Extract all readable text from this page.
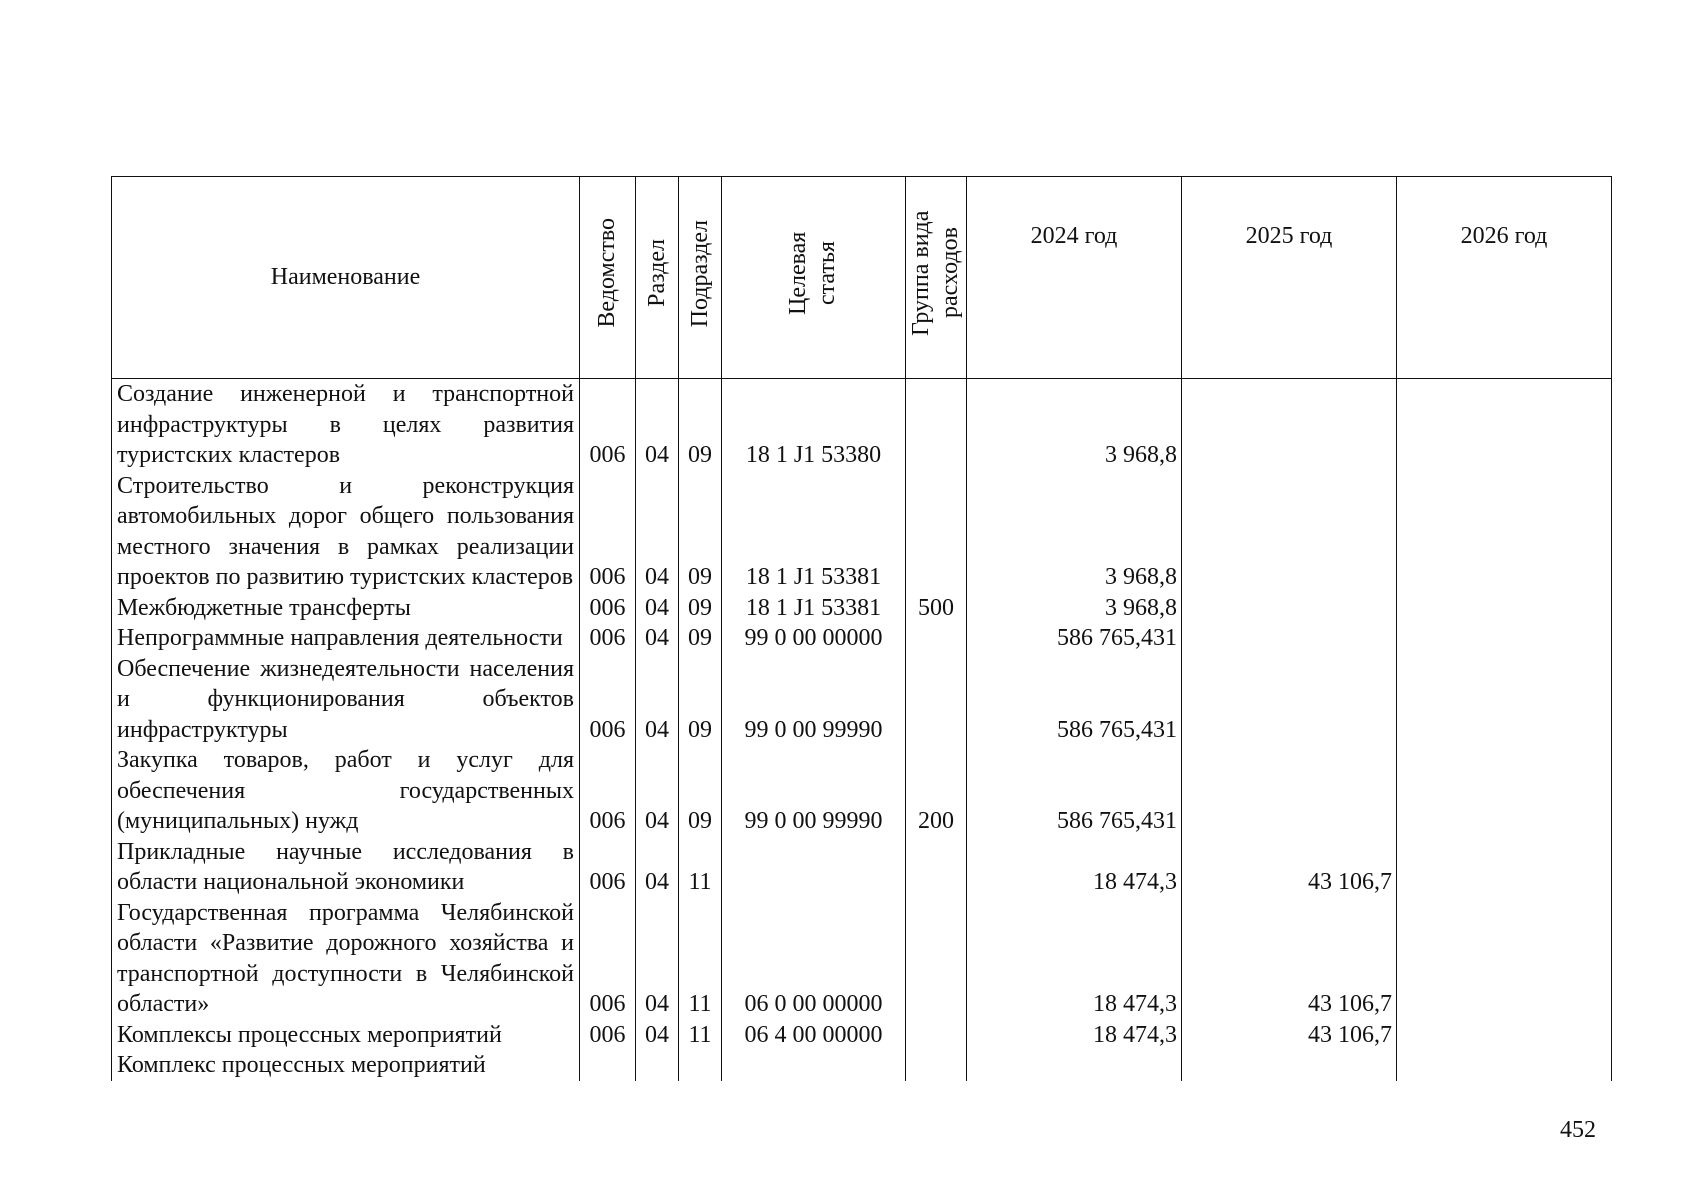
Наименование	Ведомство	Раздел	Подраздел	Целевая статья	Группа вида расходов	2024 год	2025 год	2026 год
Создание инженерной и транспортной инфраструктуры в целях развития туристских кластеров	006	04	09	18 1 J1 53380		3 968,8		
Строительство и реконструкция автомобильных дорог общего пользования местного значения в рамках реализации проектов по развитию туристских кластеров	006	04	09	18 1 J1 53381		3 968,8		
Межбюджетные трансферты	006	04	09	18 1 J1 53381	500	3 968,8		
Непрограммные направления деятельности	006	04	09	99 0 00 00000		586 765,431		
Обеспечение жизнедеятельности населения и функционирования объектов инфраструктуры	006	04	09	99 0 00 99990		586 765,431		
Закупка товаров, работ и услуг для обеспечения государственных (муниципальных) нужд	006	04	09	99 0 00 99990	200	586 765,431		
Прикладные научные исследования в области национальной экономики	006	04	11			18 474,3	43 106,7	
Государственная программа Челябинской области «Развитие дорожного хозяйства и транспортной доступности в Челябинской области»	006	04	11	06 0 00 00000		18 474,3	43 106,7	
Комплексы процессных мероприятий	006	04	11	06 4 00 00000		18 474,3	43 106,7	
Комплекс процессных мероприятий								
452
